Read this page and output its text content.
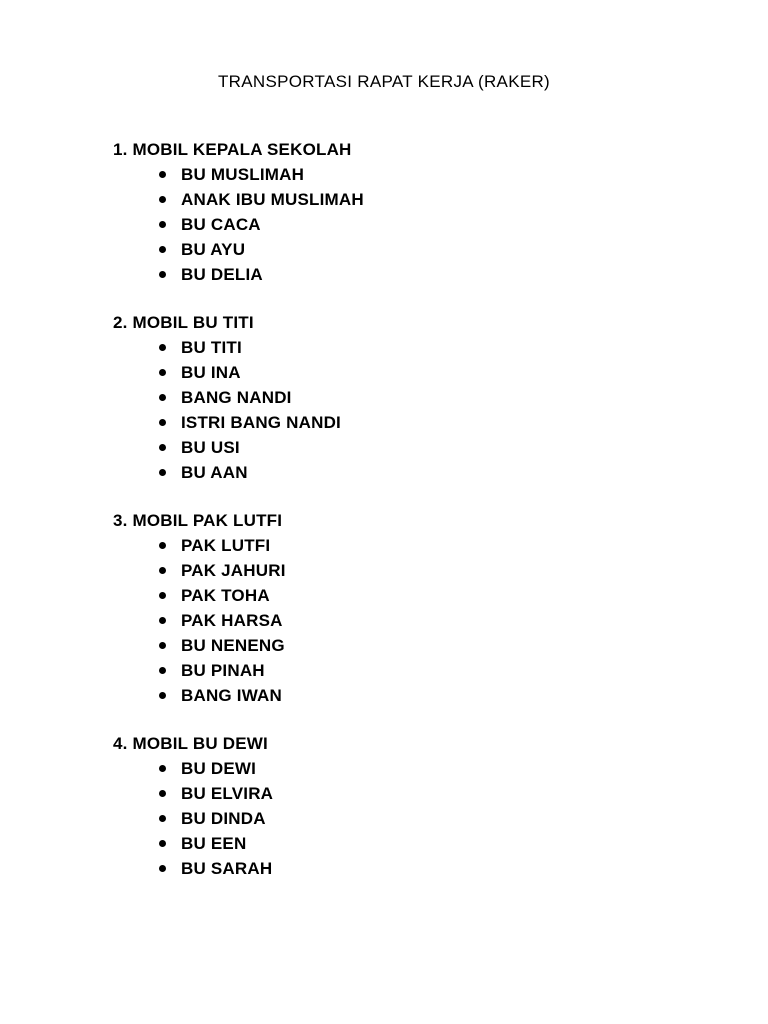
TRANSPORTASI RAPAT KERJA (RAKER)
1. MOBIL KEPALA SEKOLAH
BU MUSLIMAH
ANAK IBU MUSLIMAH
BU CACA
BU AYU
BU DELIA
2. MOBIL BU TITI
BU TITI
BU INA
BANG NANDI
ISTRI BANG NANDI
BU USI
BU AAN
3. MOBIL PAK LUTFI
PAK LUTFI
PAK JAHURI
PAK TOHA
PAK HARSA
BU NENENG
BU PINAH
BANG IWAN
4. MOBIL BU DEWI
BU DEWI
BU ELVIRA
BU DINDA
BU EEN
BU SARAH
